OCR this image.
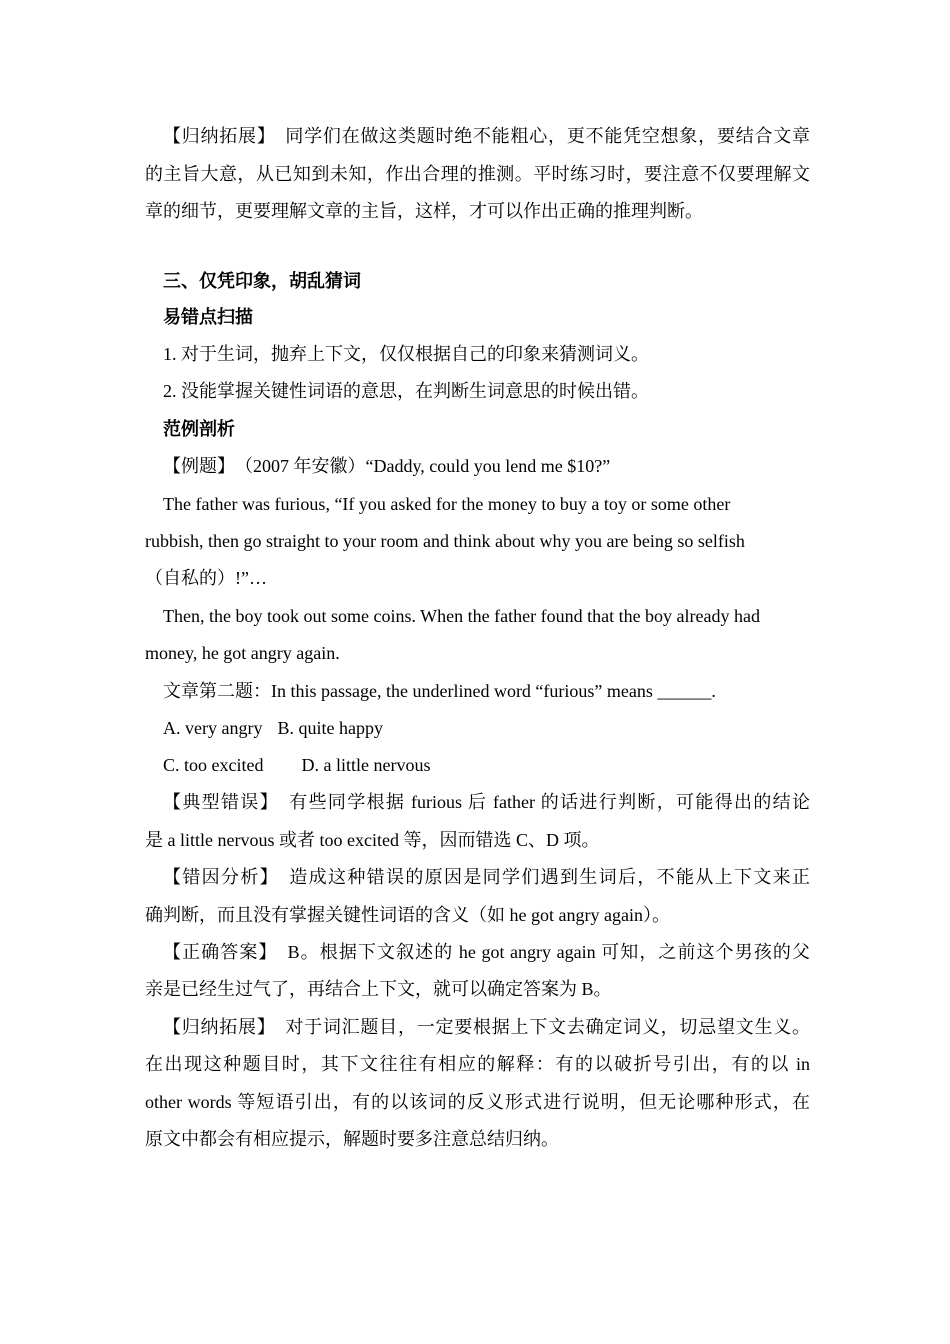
【归纳拓展】　同学们在做这类题时绝不能粗心，更不能凭空想象，要结合文章
的主旨大意，从已知到未知，作出合理的推测。平时练习时，要注意不仅要理解文
章的细节，更要理解文章的主旨，这样，才可以作出正确的推理判断。
三、仅凭印象，胡乱猜词
易错点扫描
1. 对于生词，抛弃上下文，仅仅根据自己的印象来猜测词义。
2. 没能掌握关键性词语的意思，在判断生词意思的时候出错。
范例剖析
【例题】　（2007 年安徽）“Daddy, could you lend me $10?”
The father was furious, “If you asked for the money to buy a toy or some other
rubbish, then go straight to your room and think about why you are being so selfish
（自私的）!”…
Then, the boy took out some coins. When the father found that the boy already had
money, he got angry again.
文章第二题：In this passage, the underlined word “furious” means ______.
A. very angry B. quite happy
C. too excited D. a little nervous
【典型错误】　有些同学根据 furious 后 father 的话进行判断，可能得出的结论
是 a little nervous 或者 too excited 等，因而错选 C、D 项。
【错因分析】　造成这种错误的原因是同学们遇到生词后，不能从上下文来正
确判断，而且没有掌握关键性词语的含义（如 he got angry again）。
【正确答案】　B。根据下文叙述的 he got angry again 可知，之前这个男孩的父
亲是已经生过气了，再结合上下文，就可以确定答案为 B。
【归纳拓展】　对于词汇题目，一定要根据上下文去确定词义，切忌望文生义。
在出现这种题目时，其下文往往有相应的解释：有的以破折号引出，有的以 in
other words 等短语引出，有的以该词的反义形式进行说明，但无论哪种形式，在
原文中都会有相应提示，解题时要多注意总结归纳。
